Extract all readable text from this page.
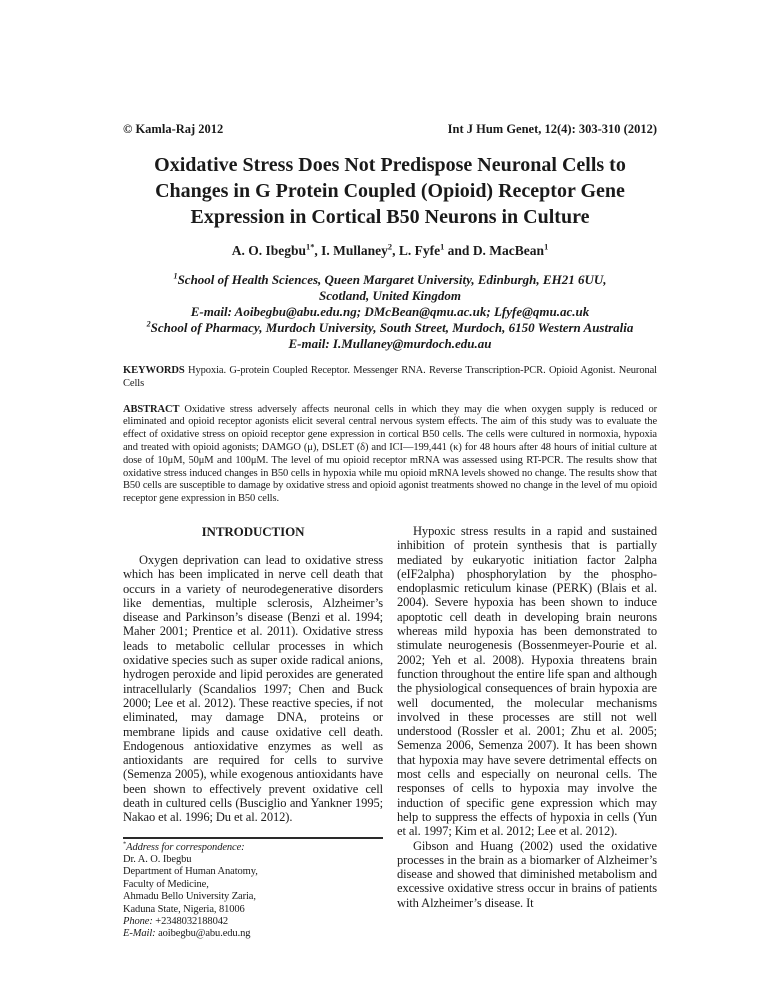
© Kamla-Raj 2012	Int J Hum Genet, 12(4): 303-310 (2012)
Oxidative Stress Does Not Predispose Neuronal Cells to Changes in G Protein Coupled (Opioid) Receptor Gene Expression in Cortical B50 Neurons in Culture
A. O. Ibegbu$^{1*}$, I. Mullaney$^2$, L. Fyfe$^1$ and D. MacBean$^1$
$^1$School of Health Sciences, Queen Margaret University, Edinburgh, EH21 6UU,
Scotland, United Kingdom
E-mail: Aoibegbu@abu.edu.ng; DMcBean@qmu.ac.uk; Lfyfe@qmu.ac.uk
$^2$School of Pharmacy, Murdoch University, South Street, Murdoch, 6150 Western Australia
E-mail: I.Mullaney@murdoch.edu.au

KEYWORDS Hypoxia. G-protein Coupled Receptor. Messenger RNA. Reverse Transcription-PCR. Opioid Agonist. Neuronal Cells

ABSTRACT Oxidative stress adversely affects neuronal cells in which they may die when oxygen supply is reduced or eliminated and opioid receptor agonists elicit several central nervous system effects. The aim of this study was to evaluate the effect of oxidative stress on opioid receptor gene expression in cortical B50 cells. The cells were cultured in normoxia, hypoxia and treated with opioid agonists; DAMGO (μ), DSLET (δ) and ICI—199,441 (κ) for 48 hours after 48 hours of initial culture at dose of 10μM, 50μM and 100μM. The level of mu opioid receptor mRNA was assessed using RT-PCR. The results show that oxidative stress induced changes in B50 cells in hypoxia while mu opioid mRNA levels showed no change. The results show that B50 cells are susceptible to damage by oxidative stress and opioid agonist treatments showed no change in the level of mu opioid receptor gene expression in B50 cells.

INTRODUCTION

Oxygen deprivation can lead to oxidative stress which has been implicated in nerve cell death that occurs in a variety of neurodegenerative disorders like dementias, multiple sclerosis, Alzheimer’s disease and Parkinson’s disease (Benzi et al. 1994; Maher 2001; Prentice et al. 2011). Oxidative stress leads to metabolic cellular processes in which oxidative species such as super oxide radical anions, hydrogen peroxide and lipid peroxides are generated intracellularly (Scandalios 1997; Chen and Buck 2000; Lee et al. 2012). These reactive species, if not eliminated, may damage DNA, proteins or membrane lipids and cause oxidative cell death. Endogenous antioxidative enzymes as well as antioxidants are required for cells to survive (Semenza 2005), while exogenous antioxidants have been shown to effectively prevent oxidative cell death in cultured cells (Busciglio and Yankner 1995; Nakao et al. 1996; Du et al. 2012).

*Address for correspondence:
Dr. A. O. Ibegbu
Department of Human Anatomy,
Faculty of Medicine,
Ahmadu Bello University Zaria,
Kaduna State, Nigeria, 81006
Phone: +2348032188042
E-Mail: aoibegbu@abu.edu.ng

Hypoxic stress results in a rapid and sustained inhibition of protein synthesis that is partially mediated by eukaryotic initiation factor 2alpha (eIF2alpha) phosphorylation by the phospho-endoplasmic reticulum kinase (PERK) (Blais et al. 2004). Severe hypoxia has been shown to induce apoptotic cell death in developing brain neurons whereas mild hypoxia has been demonstrated to stimulate neurogenesis (Bossenmeyer-Pourie et al. 2002; Yeh et al. 2008). Hypoxia threatens brain function throughout the entire life span and although the physiological consequences of brain hypoxia are well documented, the molecular mechanisms involved in these processes are still not well understood (Rossler et al. 2001; Zhu et al. 2005; Semenza 2006, Semenza 2007). It has been shown that hypoxia may have severe detrimental effects on most cells and especially on neuronal cells. The responses of cells to hypoxia may involve the induction of specific gene expression which may help to suppress the effects of hypoxia in cells (Yun et al. 1997; Kim et al. 2012; Lee et al. 2012).

Gibson and Huang (2002) used the oxidative processes in the brain as a biomarker of Alzheimer’s disease and showed that diminished metabolism and excessive oxidative stress occur in brains of patients with Alzheimer’s disease. It
